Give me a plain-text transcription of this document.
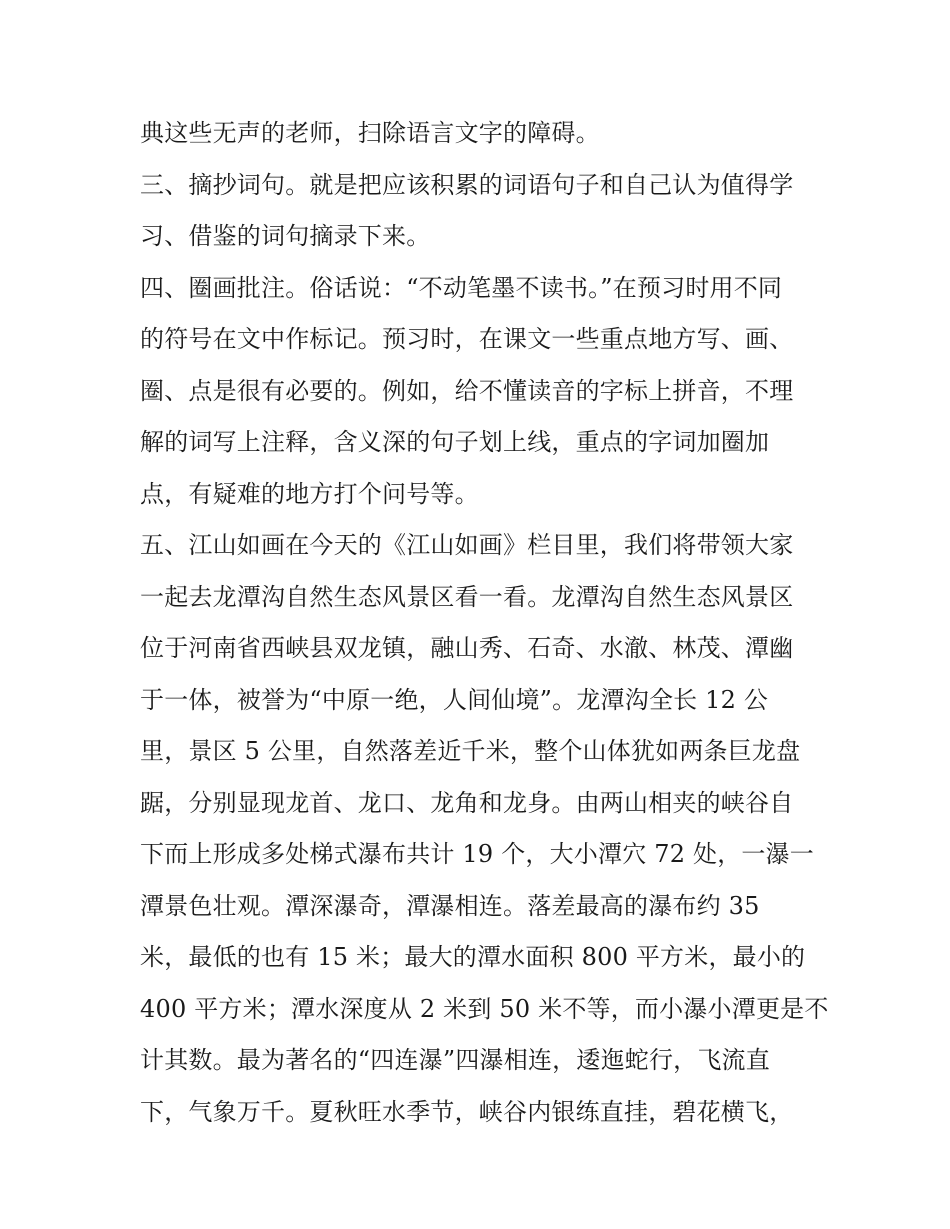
典这些无声的老师，扫除语言文字的障碍。
三、摘抄词句。就是把应该积累的词语句子和自己认为值得学
习、借鉴的词句摘录下来。
四、圈画批注。俗话说：“不动笔墨不读书。”在预习时用不同
的符号在文中作标记。预习时，在课文一些重点地方写、画、
圈、点是很有必要的。例如，给不懂读音的字标上拼音，不理
解的词写上注释，含义深的句子划上线，重点的字词加圈加
点，有疑难的地方打个问号等。
五、江山如画在今天的《江山如画》栏目里，我们将带领大家
一起去龙潭沟自然生态风景区看一看。龙潭沟自然生态风景区
位于河南省西峡县双龙镇，融山秀、石奇、水澈、林茂、潭幽
于一体，被誉为“中原一绝，人间仙境”。龙潭沟全长 12 公
里，景区 5 公里，自然落差近千米，整个山体犹如两条巨龙盘
踞，分别显现龙首、龙口、龙角和龙身。由两山相夹的峡谷自
下而上形成多处梯式瀑布共计 19 个，大小潭穴 72 处，一瀑一
潭景色壮观。潭深瀑奇，潭瀑相连。落差最高的瀑布约 35
米，最低的也有 15 米；最大的潭水面积 800 平方米，最小的
400 平方米；潭水深度从 2 米到 50 米不等，而小瀑小潭更是不
计其数。最为著名的“四连瀑”四瀑相连，逶迤蛇行，飞流直
下，气象万千。夏秋旺水季节，峡谷内银练直挂，碧花横飞，
